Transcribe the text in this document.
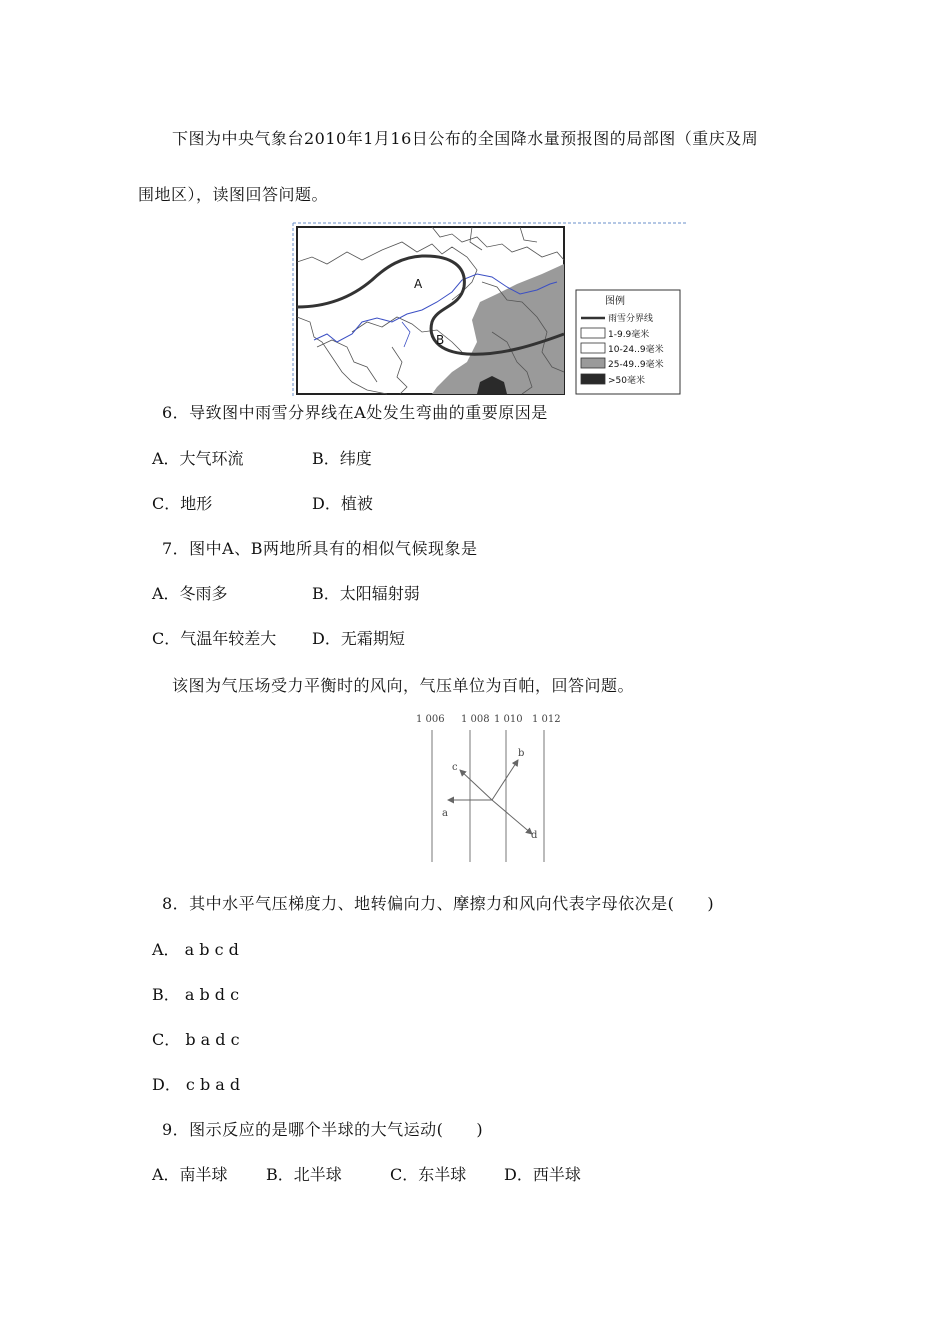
下图为中央气象台2010年1月16日公布的全国降水量预报图的局部图（重庆及周
围地区），读图回答问题。
A
B
图例
雨雪分界线
1-9.9毫米
10-24..9毫米
25-49..9毫米
>50毫米
6．导致图中雨雪分界线在A处发生弯曲的重要原因是
A．大气环流	B．纬度
C．地形	D．植被
7．图中A、B两地所具有的相似气候现象是
A．冬雨多	B．太阳辐射弱
C．气温年较差大 D．无霜期短
该图为气压场受力平衡时的风向，气压单位为百帕，回答问题。
1 006 1 008 1 010 1 012
a
b
c
d
8．其中水平气压梯度力、地转偏向力、摩擦力和风向代表字母依次是(　　)
A． a b c d
B． a b d c
C． b a d c
D． c b a d
9．图示反应的是哪个半球的大气运动(　　)
A．南半球 B．北半球	C．东半球 D．西半球
